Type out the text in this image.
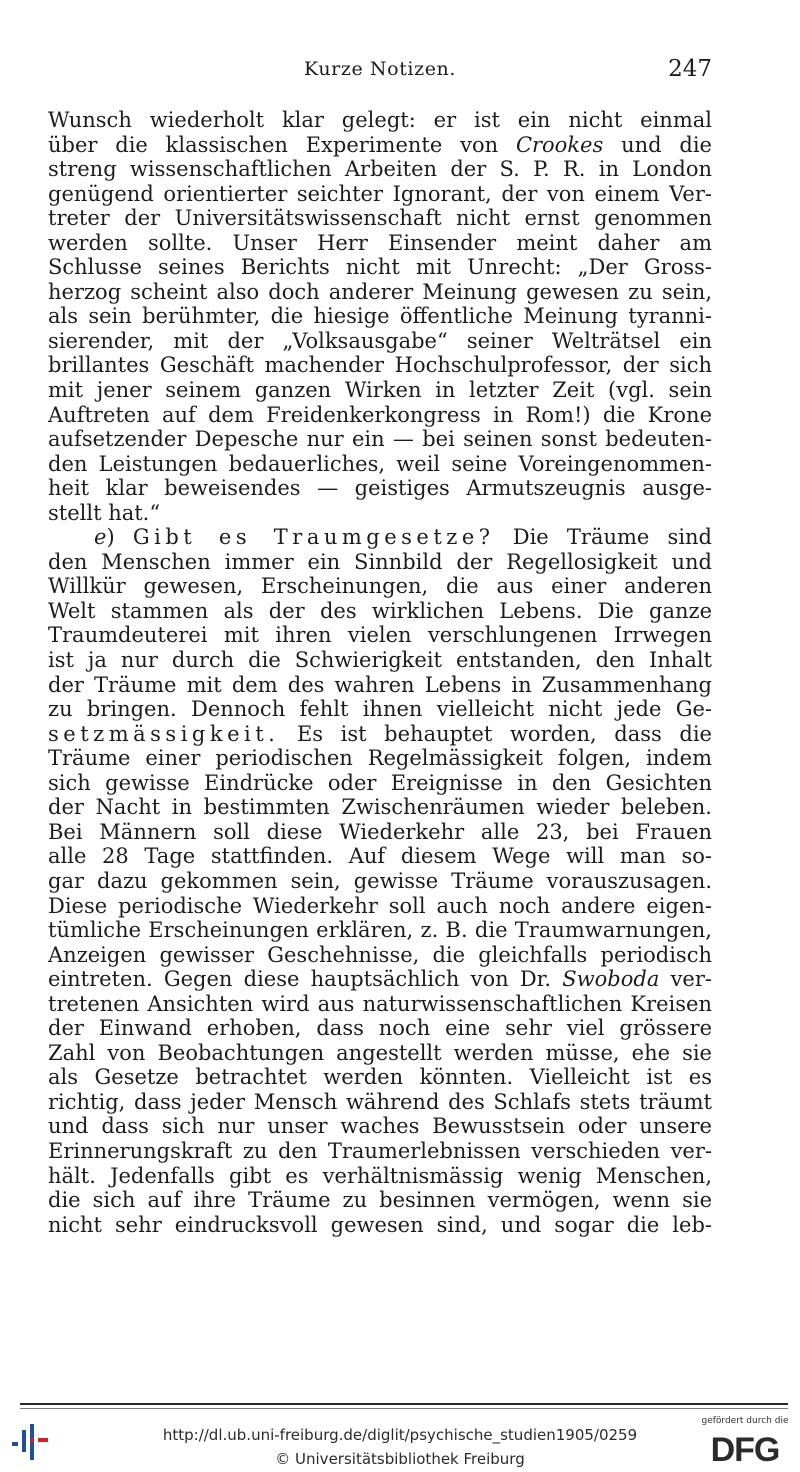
Kurze Notizen.	247
Wunsch wiederholt klar gelegt: er ist ein nicht einmal
über die klassischen Experimente von Crookes und die
streng wissenschaftlichen Arbeiten der S. P. R. in London
genügend orientierter seichter Ignorant, der von einem Ver-
treter der Universitätswissenschaft nicht ernst genommen
werden sollte. Unser Herr Einsender meint daher am
Schlusse seines Berichts nicht mit Unrecht: „Der Gross-
herzog scheint also doch anderer Meinung gewesen zu sein,
als sein berühmter, die hiesige öffentliche Meinung tyranni-
sierender, mit der „Volksausgabe“ seiner Welträtsel ein
brillantes Geschäft machender Hochschulprofessor, der sich
mit jener seinem ganzen Wirken in letzter Zeit (vgl. sein
Auftreten auf dem Freidenkerkongress in Rom!) die Krone
aufsetzender Depesche nur ein — bei seinen sonst bedeuten-
den Leistungen bedauerliches, weil seine Voreingenommen-
heit klar beweisendes — geistiges Armutszeugnis ausge-
stellt hat.“
e) Gibt es Traumgesetze? Die Träume sind
den Menschen immer ein Sinnbild der Regellosigkeit und
Willkür gewesen, Erscheinungen, die aus einer anderen
Welt stammen als der des wirklichen Lebens. Die ganze
Traumdeuterei mit ihren vielen verschlungenen Irrwegen
ist ja nur durch die Schwierigkeit entstanden, den Inhalt
der Träume mit dem des wahren Lebens in Zusammenhang
zu bringen. Dennoch fehlt ihnen vielleicht nicht jede Ge-
setzmässigkeit. Es ist behauptet worden, dass die
Träume einer periodischen Regelmässigkeit folgen, indem
sich gewisse Eindrücke oder Ereignisse in den Gesichten
der Nacht in bestimmten Zwischenräumen wieder beleben.
Bei Männern soll diese Wiederkehr alle 23, bei Frauen
alle 28 Tage stattfinden. Auf diesem Wege will man so-
gar dazu gekommen sein, gewisse Träume vorauszusagen.
Diese periodische Wiederkehr soll auch noch andere eigen-
tümliche Erscheinungen erklären, z. B. die Traumwarnungen,
Anzeigen gewisser Geschehnisse, die gleichfalls periodisch
eintreten. Gegen diese hauptsächlich von Dr. Swoboda ver-
tretenen Ansichten wird aus naturwissenschaftlichen Kreisen
der Einwand erhoben, dass noch eine sehr viel grössere
Zahl von Beobachtungen angestellt werden müsse, ehe sie
als Gesetze betrachtet werden könnten. Vielleicht ist es
richtig, dass jeder Mensch während des Schlafs stets träumt
und dass sich nur unser waches Bewusstsein oder unsere
Erinnerungskraft zu den Traumerlebnissen verschieden ver-
hält. Jedenfalls gibt es verhältnismässig wenig Menschen,
die sich auf ihre Träume zu besinnen vermögen, wenn sie
nicht sehr eindrucksvoll gewesen sind, und sogar die leb-
http://dl.ub.uni-freiburg.de/diglit/psychische_studien1905/0259
© Universitätsbibliothek Freiburg
gefördert durch die
DFG
